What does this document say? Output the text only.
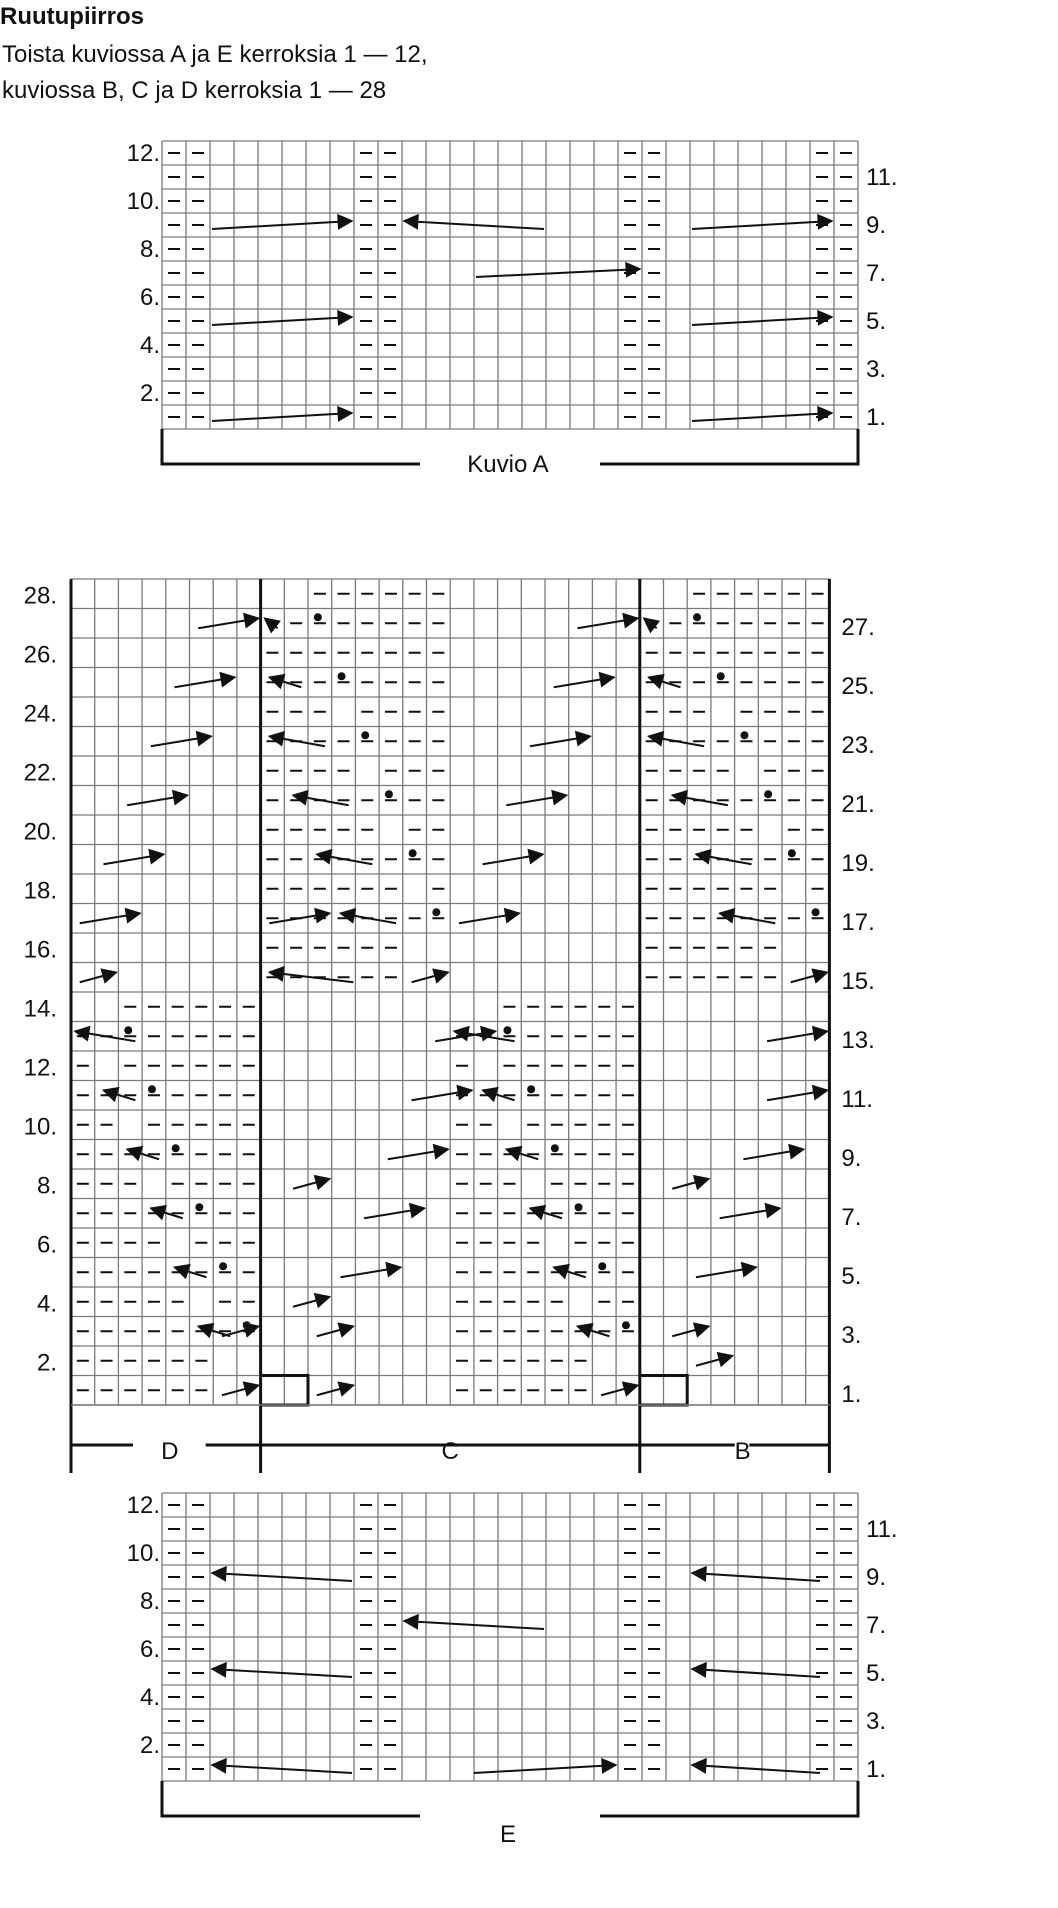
Ruutupiirros

Toista kuviossa A ja E kerroksia 1 — 12,

kuviossa B, C ja D kerroksia 1 — 28

12.
10.
8.
6.
4.
2.
11.
9.
7.
5.
3.
1.
Kuvio A
12.
10.
8.
6.
4.
2.
11.
9.
7.
5.
3.
1.
E
D	C	B
28.
26.
24.
22.
20.
18.
16.
14.
12.
10.
8.
6.
4.
2.
27.
25.
23.
21.
19.
17.
15.
13.
11.
9.
7.
5.
3.
1.
